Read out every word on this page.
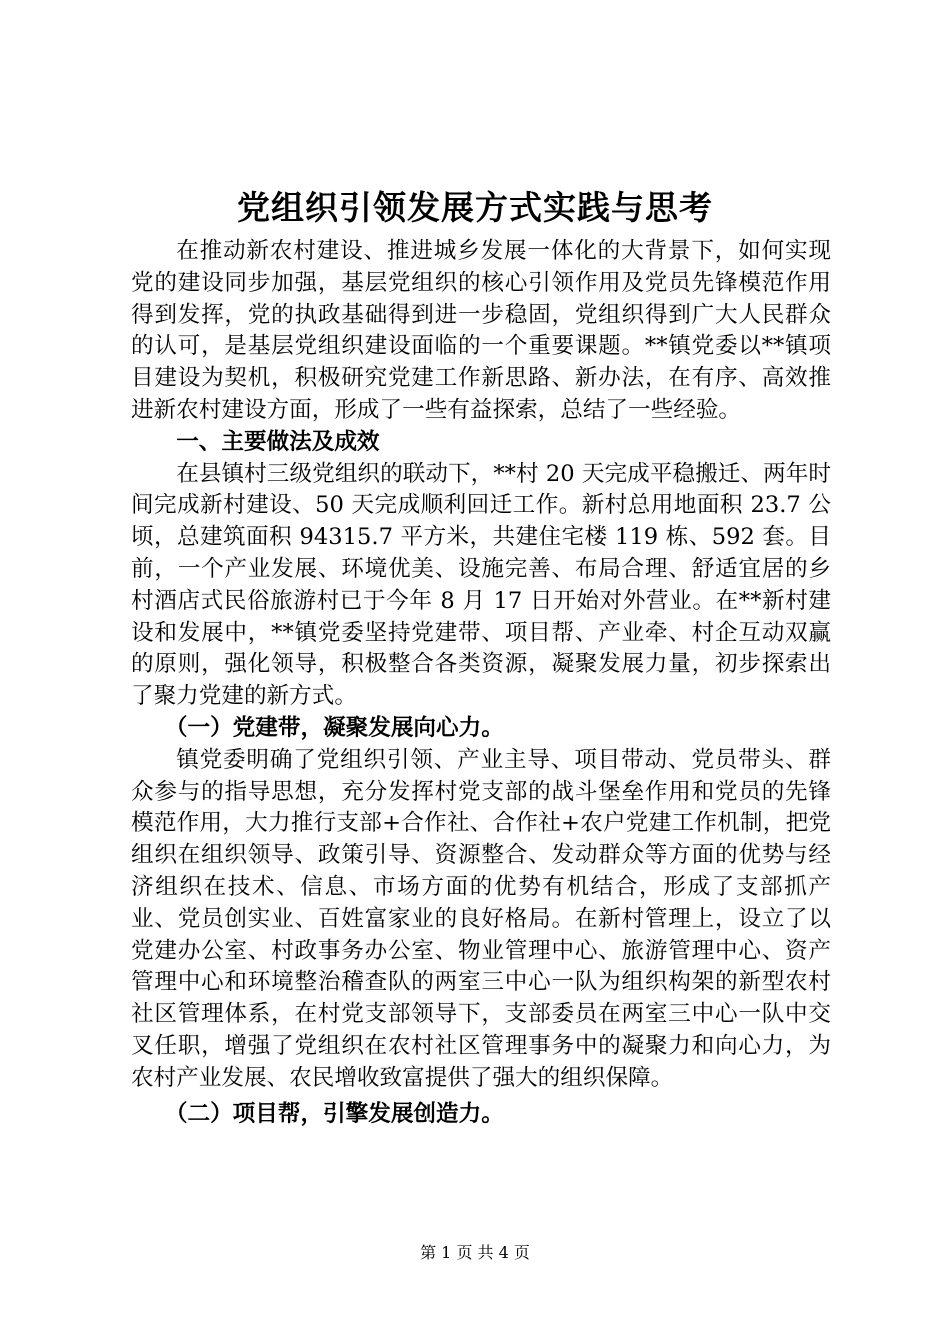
党组织引领发展方式实践与思考

在推动新农村建设、推进城乡发展一体化的大背景下，如何实现党的建设同步加强，基层党组织的核心引领作用及党员先锋模范作用得到发挥，党的执政基础得到进一步稳固，党组织得到广大人民群众的认可，是基层党组织建设面临的一个重要课题。**镇党委以**镇项目建设为契机，积极研究党建工作新思路、新办法，在有序、高效推进新农村建设方面，形成了一些有益探索，总结了一些经验。

一、主要做法及成效

在县镇村三级党组织的联动下，**村 20 天完成平稳搬迁、两年时间完成新村建设、50 天完成顺利回迁工作。新村总用地面积 23.7 公顷，总建筑面积 94315.7 平方米，共建住宅楼 119 栋、592 套。目前，一个产业发展、环境优美、设施完善、布局合理、舒适宜居的乡村酒店式民俗旅游村已于今年 8 月 17 日开始对外营业。在**新村建设和发展中，**镇党委坚持党建带、项目帮、产业牵、村企互动双赢的原则，强化领导，积极整合各类资源，凝聚发展力量，初步探索出了聚力党建的新方式。

（一）党建带，凝聚发展向心力。

镇党委明确了党组织引领、产业主导、项目带动、党员带头、群众参与的指导思想，充分发挥村党支部的战斗堡垒作用和党员的先锋模范作用，大力推行支部+合作社、合作社+农户党建工作机制，把党组织在组织领导、政策引导、资源整合、发动群众等方面的优势与经济组织在技术、信息、市场方面的优势有机结合，形成了支部抓产业、党员创实业、百姓富家业的良好格局。在新村管理上，设立了以党建办公室、村政事务办公室、物业管理中心、旅游管理中心、资产管理中心和环境整治稽查队的两室三中心一队为组织构架的新型农村社区管理体系，在村党支部领导下，支部委员在两室三中心一队中交叉任职，增强了党组织在农村社区管理事务中的凝聚力和向心力，为农村产业发展、农民增收致富提供了强大的组织保障。

（二）项目帮，引擎发展创造力。
第 1 页 共 4 页
